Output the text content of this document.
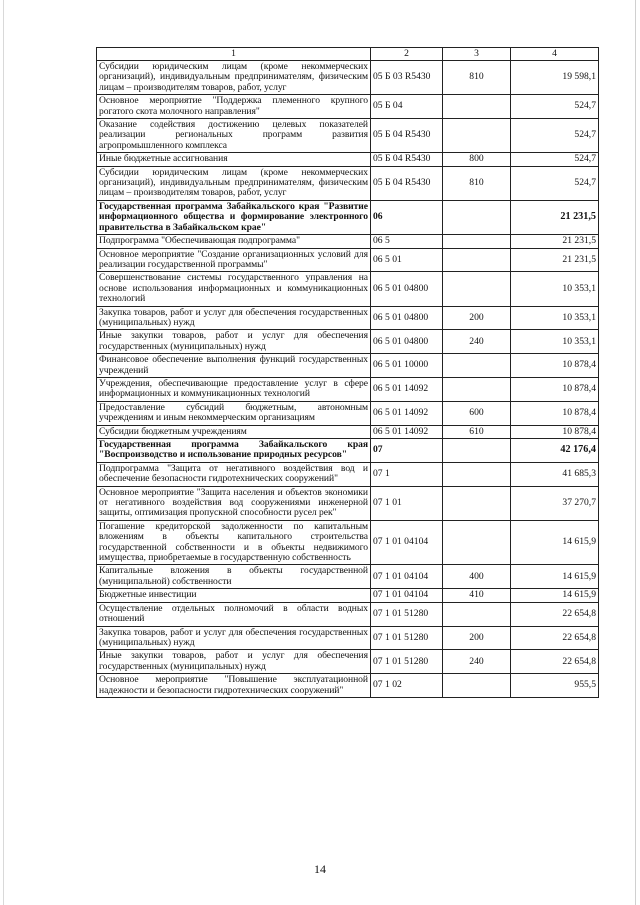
1	2	3	4
Субсидии юридическим лицам (кроме некоммерческих организаций), индивидуальным предпринимателям, физическим лицам – производителям товаров, работ, услуг	05 Б 03 R5430	810	19 598,1
Основное мероприятие "Поддержка племенного крупного рогатого скота молочного направления"	05 Б 04		524,7
Оказание содействия достижению целевых показателей реализации региональных программ развития агропромышленного комплекса	05 Б 04 R5430		524,7
Иные бюджетные ассигнования	05 Б 04 R5430	800	524,7
Субсидии юридическим лицам (кроме некоммерческих организаций), индивидуальным предпринимателям, физическим лицам – производителям товаров, работ, услуг	05 Б 04 R5430	810	524,7
Государственная программа Забайкальского края "Развитие информационного общества и формирование электронного правительства в Забайкальском крае"	06		21 231,5
Подпрограмма "Обеспечивающая подпрограмма"	06 5		21 231,5
Основное мероприятие "Создание организационных условий для реализации государственной программы"	06 5 01		21 231,5
Совершенствование системы государственного управления на основе использования информационных и коммуникационных технологий	06 5 01 04800		10 353,1
Закупка товаров, работ и услуг для обеспечения государственных (муниципальных) нужд	06 5 01 04800	200	10 353,1
Иные закупки товаров, работ и услуг для обеспечения государственных (муниципальных) нужд	06 5 01 04800	240	10 353,1
Финансовое обеспечение выполнения функций государственных учреждений	06 5 01 10000		10 878,4
Учреждения, обеспечивающие предоставление услуг в сфере информационных и коммуникационных технологий	06 5 01 14092		10 878,4
Предоставление субсидий бюджетным, автономным учреждениям и иным некоммерческим организациям	06 5 01 14092	600	10 878,4
Субсидии бюджетным учреждениям	06 5 01 14092	610	10 878,4
Государственная программа Забайкальского края "Воспроизводство и использование природных ресурсов"	07		42 176,4
Подпрограмма "Защита от негативного воздействия вод и обеспечение безопасности гидротехнических сооружений"	07 1		41 685,3
Основное мероприятие "Защита населения и объектов экономики от негативного воздействия вод сооружениями инженерной защиты, оптимизация пропускной способности русел рек"	07 1 01		37 270,7
Погашение кредиторской задолженности по капитальным вложениям в объекты капитального строительства государственной собственности и в объекты недвижимого имущества, приобретаемые в государственную собственность	07 1 01 04104		14 615,9
Капитальные вложения в объекты государственной (муниципальной) собственности	07 1 01 04104	400	14 615,9
Бюджетные инвестиции	07 1 01 04104	410	14 615,9
Осуществление отдельных полномочий в области водных отношений	07 1 01 51280		22 654,8
Закупка товаров, работ и услуг для обеспечения государственных (муниципальных) нужд	07 1 01 51280	200	22 654,8
Иные закупки товаров, работ и услуг для обеспечения государственных (муниципальных) нужд	07 1 01 51280	240	22 654,8
Основное мероприятие "Повышение эксплуатационной надежности и безопасности гидротехнических сооружений"	07 1 02		955,5
14
